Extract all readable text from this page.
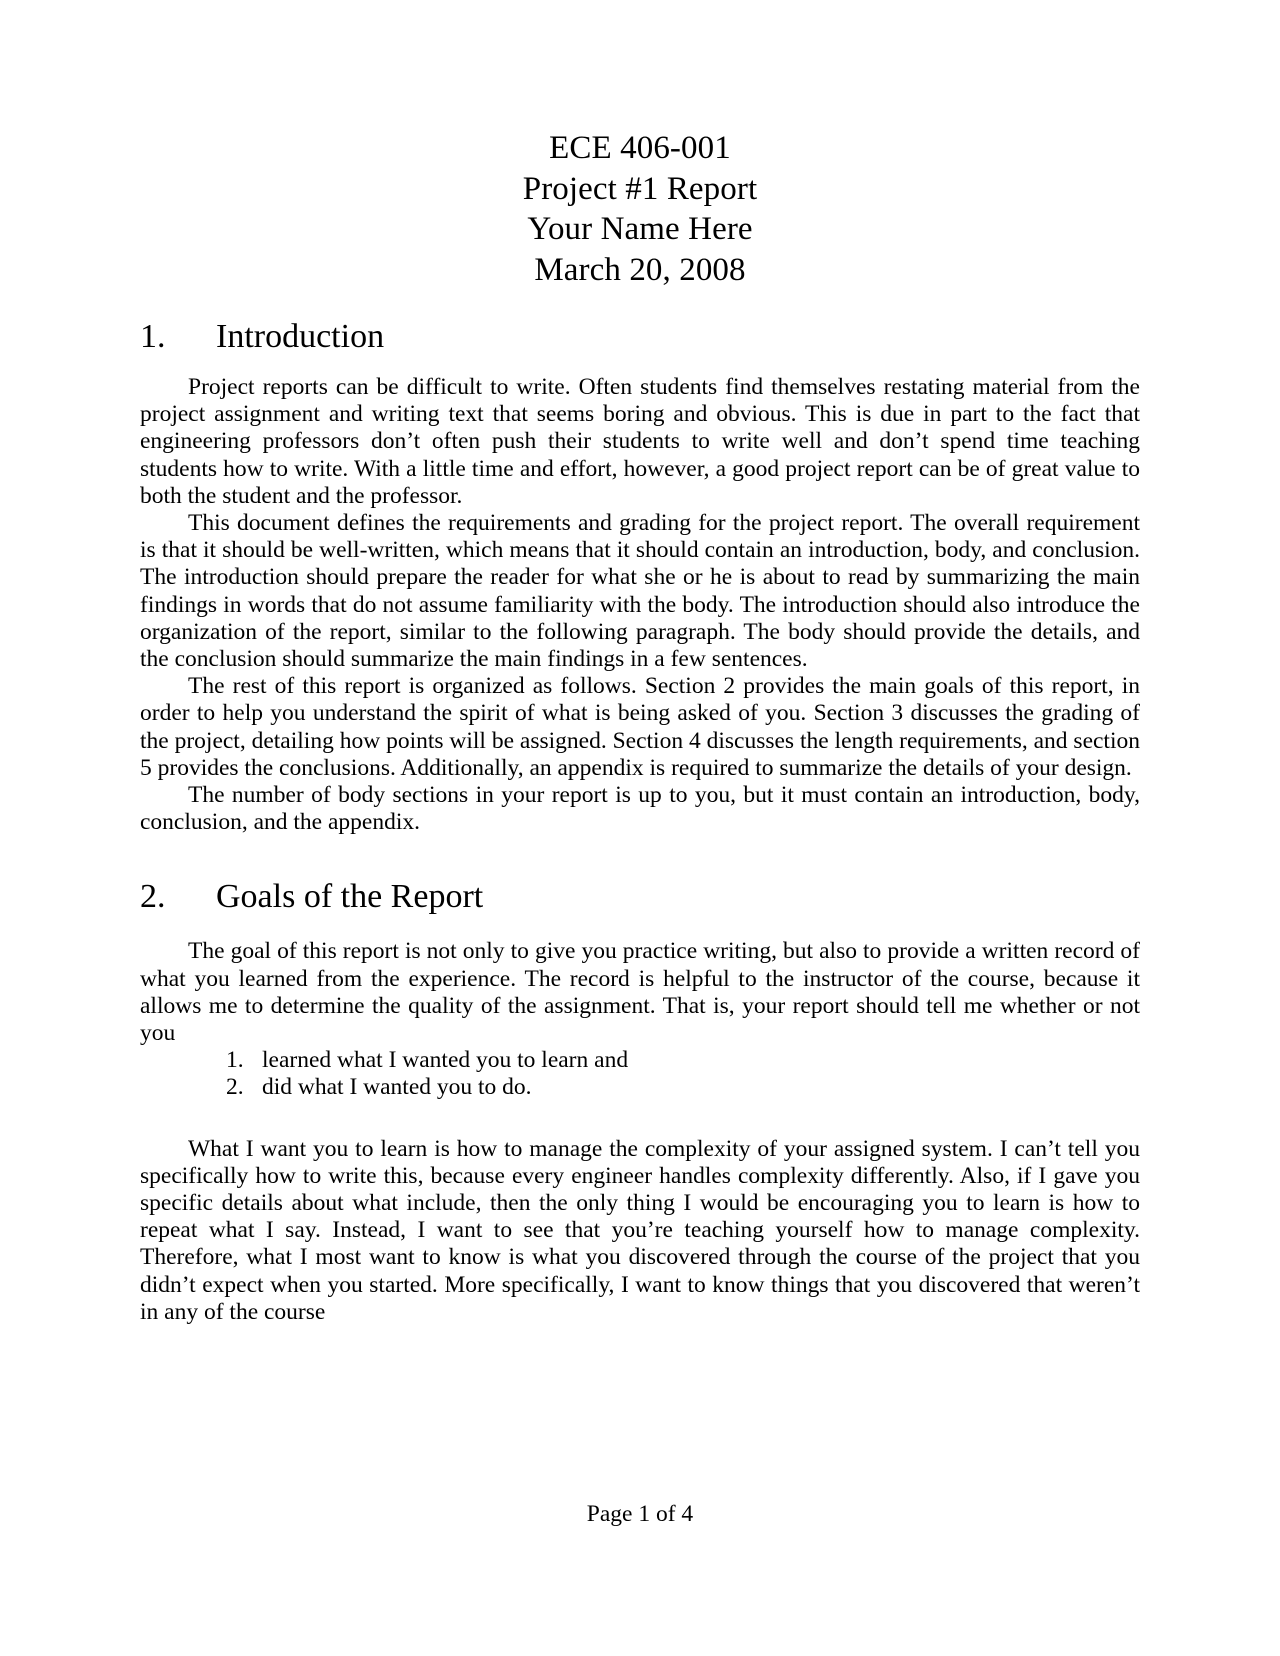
ECE 406-001
Project #1 Report
Your Name Here
March 20, 2008
1.	Introduction

Project reports can be difficult to write. Often students find themselves restating material from the project assignment and writing text that seems boring and obvious. This is due in part to the fact that engineering professors don’t often push their students to write well and don’t spend time teaching students how to write. With a little time and effort, however, a good project report can be of great value to both the student and the professor.

This document defines the requirements and grading for the project report. The overall requirement is that it should be well-written, which means that it should contain an introduction, body, and conclusion. The introduction should prepare the reader for what she or he is about to read by summarizing the main findings in words that do not assume familiarity with the body. The introduction should also introduce the organization of the report, similar to the following paragraph. The body should provide the details, and the conclusion should summarize the main findings in a few sentences.

The rest of this report is organized as follows. Section 2 provides the main goals of this report, in order to help you understand the spirit of what is being asked of you. Section 3 discusses the grading of the project, detailing how points will be assigned. Section 4 discusses the length requirements, and section 5 provides the conclusions. Additionally, an appendix is required to summarize the details of your design.

The number of body sections in your report is up to you, but it must contain an introduction, body, conclusion, and the appendix.

2.	Goals of the Report

The goal of this report is not only to give you practice writing, but also to provide a written record of what you learned from the experience. The record is helpful to the instructor of the course, because it allows me to determine the quality of the assignment. That is, your report should tell me whether or not you

1. learned what I wanted you to learn and
2. did what I wanted you to do.

What I want you to learn is how to manage the complexity of your assigned system. I can’t tell you specifically how to write this, because every engineer handles complexity differently. Also, if I gave you specific details about what include, then the only thing I would be encouraging you to learn is how to repeat what I say. Instead, I want to see that you’re teaching yourself how to manage complexity. Therefore, what I most want to know is what you discovered through the course of the project that you didn’t expect when you started. More specifically, I want to know things that you discovered that weren’t in any of the course

Page 1 of 4
